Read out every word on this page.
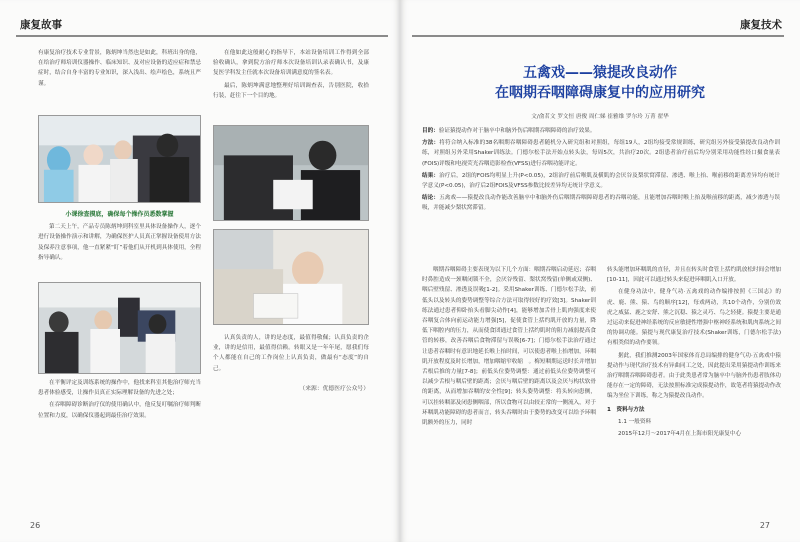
康复故事

有康复治疗技术专业背景，陈炳坤当然也是如此，科班出身的他，在给治疗师培训仪器操作、临床知识、及对应设备的适应症和禁忌症时，结合自身丰富的专业知识，深入浅出、绘声绘色，系统且严谨。

小课徐查摸底，确保每个操作员悉数掌握

第二天上午，产品专员陈炳坤到科室里具体设备操作人，逐个进行设备操作演示和讲解，为确保医护人员真正掌握设备使用方法及保养注意事项，他一直紧紧“盯”着他们从开机到具体使用，全程指导确认。

在平衡评定及训练系统的操作中，他找来科室其他治疗师充当患者体验感受，让操作员真正实际理解设备的先进之处；

在吞咽障碍诊断治疗仪的使用确认中，他反复叮嘱治疗师判断位置和力度，以确保仪器起到最佳治疗效果。

在他如此这般耐心的指导下，本站设备培训工作得到全部验收确认，拿到院方治疗师本次设备培训认录表确认书，及康复医学科发主任就本次设备培训满意度的签名表。

最后，陈炳坤满意地整理好培训调查表，告别医院，收拾行装，赶往下一个目的地。

认真负责的人，讲的是态度，最值得敬佩；认真负责的企业，讲的是信用，最值得信赖。转眼又是一年年尾，愿我们每个人都能在自己的工作岗位上认真负责，做最有“态度”的自己。

（来源：优德医疗公众号）

26
康复技术
五禽戏——猿提改良动作
在咽期吞咽障碍康复中的应用研究
文/俞茗文 罗文恒 唐俊 周仁娣 崔雅维 罗尔玲 万菁 翟华

目的：验证猿提动作对于脑卒中和脑外伤后咽期吞咽障碍的治疗效果。

方法：将符合纳入标准的38名咽期吞咽障碍患者随机分入研究组和对照组，每组19人，2组均接受常规训练，研究组另外接受猿提改良动作训练，对照组另外采用Shaker训练法。门德尔松手法开始点转头法，每周5次，共治疗20次。2组患者治疗前后均分别采用功能性经口摄食量表(FOIS)评级和电视荧光吞咽造影检查(VFSS)进行吞咽功能评定。

结果：治疗后，2组的FOIS均明显上升(P<0.05)，2组治疗前后喉肌及横肌的会厌谷及梨状窝滞留、渗透、喉上抬、喉前移的距离差异均有统计学意义(P<0.05)，治疗后2组FOIS及VFSS参数比较差异均无统计学意义。

结论：五禽戏——猿提改良动作能改善脑卒中和脑外伤后咽期吞咽障碍患者的吞咽功能，且能增加吞咽时喉上抬及喉前移的距离，减少渗透与误吸，并能减少梨状窝滞留。

咽期吞咽障碍主要表现为以下几个方面：咽期吞咽启动延迟；吞咽时鼻腔造成一颈咽闭锁不全，会厌谷残留、梨状窝残留(单侧或双侧)、咽后壁残留、渗透及误吸[1-2]。采用Shaker训练、门德尔松手法，前低头以及转头的姿势调整等综合方法可取得较好的疗效[3]。Shaker训练法通过患者仰卧抬头看脚尖动作[4]，能够增加舌骨上肌肉强度来使吞咽复合体向前运动能力增强[5]，促使食管上括约肌开放的力量，降低下咽腔内的压力，从而使食团通过食管上括约肌时的阻力减弱提高食管的转移，改善吞咽后食物滞留与误吸[6-7]；门德尔松手法治疗通过让患者吞咽时有意识地延长喉上抬时间，可以使患者喉上抬增加，环咽肌开放程度及时长增加，增加咽缩窄收缩　。梅短咽期运送时长并增加舌根后推的力量[7-8]；前低头位姿势调整：通过前低头位姿势调整可以减少舌根与咽后壁的距离；会厌与咽后壁的距离以及会厌与构状软骨的距离，从而增加吞咽的安全性[9]；转头姿势调整：将头转向患侧，可以挂转咽部及闭患侧咽部，所以食物可以由较正常的一侧流入，对于环咽肌功能障碍的患者而言，转头吞咽时由于姿势的改变可以给予环咽肌额外的压力，同时

转头能增加环咽肌的直径，并且在转头时食管上括约肌放松时间会增加[10-11]，因此可以通过转头来促进环咽肌入口开放。

在健身功法中，健身气功·五禽戏的动作编排按照《三国志》的虎、鹿、熊、猿、鸟的顺序[12]，每戏两动，共10个动作，分别仿效虎之威猛、鹿之安舒、熊之沉稳、猿之灵巧、鸟之轻捷。猿提主要是通过运动来促进神经系统的反应敏捷性增强中枢神经系统和肌肉系统之间的协调功能。猿提与现代康复治疗技术(Shaker训练，门德尔松手法)有相类似的动作要领。

据此，我们推测2003年国家体育总局编排的健身气功·五禽戏中猿提动作与现代治疗技术有异曲同工之处，因此提出采用猿提动作训练来治疗咽期吞咽障碍患者。由于此类患者常为脑卒中与脑外伤患者肢体功能存在一定的障碍，无法按照标准完成猿提动作，故笔者将猿提动作改编为坐位下训练，称之为猿提改良动作。

1　资料与方法

1.1 一般资料

2015年12月～2017年4月在上海市阳光康复中心

27
